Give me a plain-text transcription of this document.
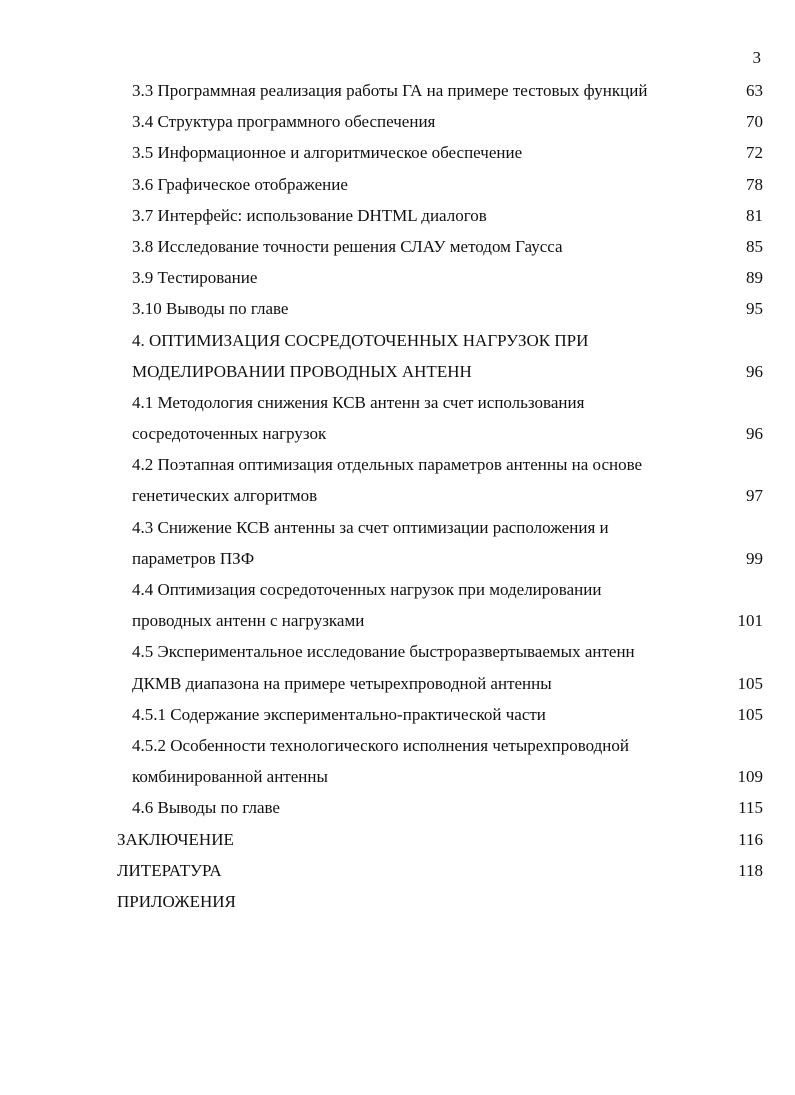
3
3.3 Программная реализация работы ГА на примере тестовых функций	63
3.4 Структура программного обеспечения	70
3.5 Информационное и алгоритмическое обеспечение	72
3.6 Графическое отображение	78
3.7 Интерфейс: использование DHTML диалогов	81
3.8 Исследование точности решения СЛАУ методом Гаусса	85
3.9 Тестирование	89
3.10 Выводы по главе	95
4. ОПТИМИЗАЦИЯ СОСРЕДОТОЧЕННЫХ НАГРУЗОК ПРИ
МОДЕЛИРОВАНИИ ПРОВОДНЫХ АНТЕНН	96
4.1 Методология снижения КСВ антенн за счет использования
сосредоточенных нагрузок	96
4.2 Поэтапная оптимизация отдельных параметров антенны на основе
генетических алгоритмов	97
4.3 Снижение КСВ антенны за счет оптимизации расположения и
параметров ПЗФ	99
4.4 Оптимизация сосредоточенных нагрузок при моделировании
проводных антенн с нагрузками	101
4.5 Экспериментальное исследование быстроразвертываемых антенн
ДКМВ диапазона на примере четырехпроводной антенны	105
4.5.1 Содержание экспериментально-практической части	105
4.5.2 Особенности технологического исполнения четырехпроводной
комбинированной антенны	109
4.6 Выводы по главе	115
ЗАКЛЮЧЕНИЕ	116
ЛИТЕРАТУРА	118
ПРИЛОЖЕНИЯ
